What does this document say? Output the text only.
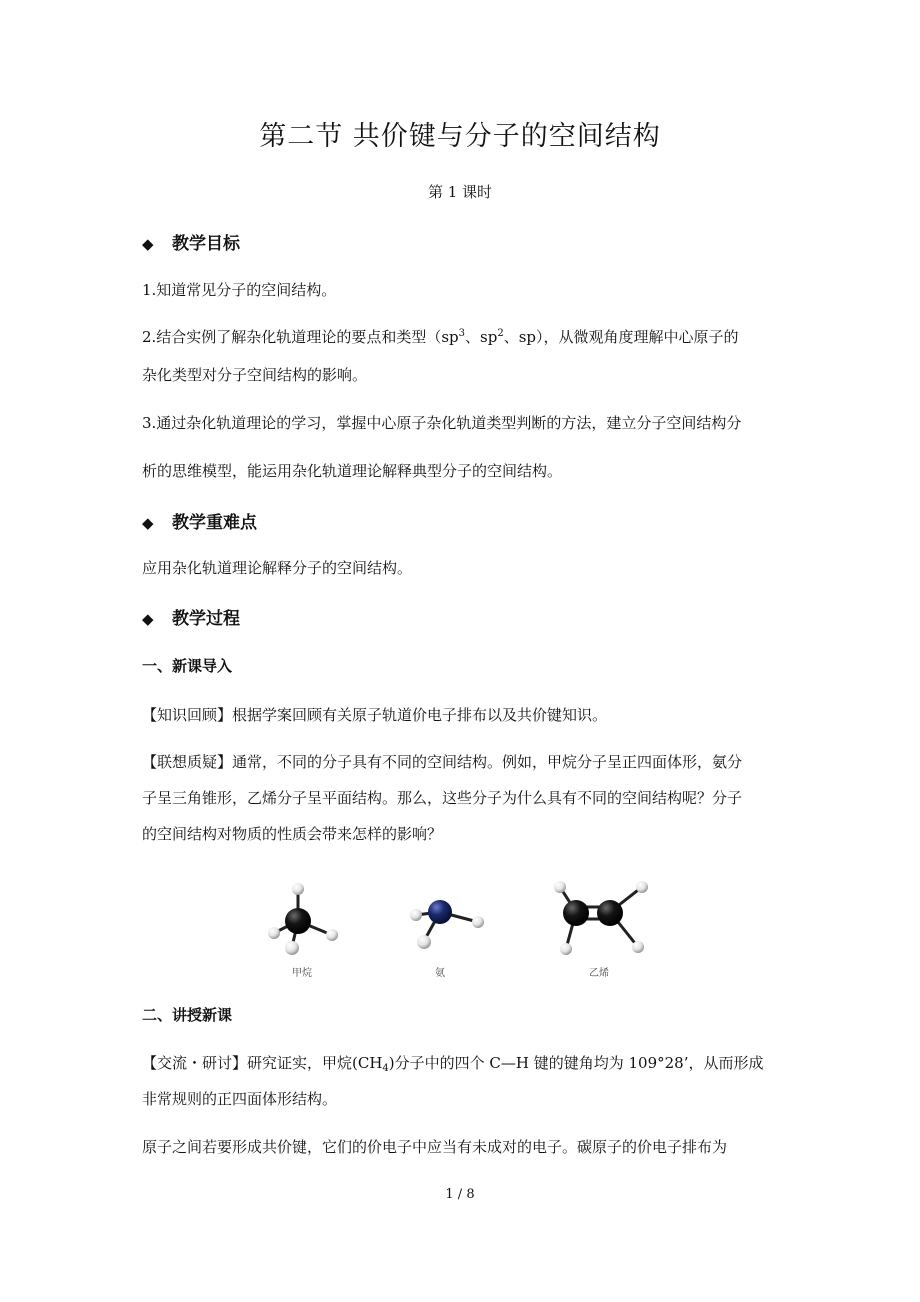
第二节 共价键与分子的空间结构
第 1 课时
◆ 教学目标
1.知道常见分子的空间结构。
2.结合实例了解杂化轨道理论的要点和类型（$sp^3$、$sp^2$、sp），从微观角度理解中心原子的
杂化类型对分子空间结构的影响。
3.通过杂化轨道理论的学习，掌握中心原子杂化轨道类型判断的方法，建立分子空间结构分
析的思维模型，能运用杂化轨道理论解释典型分子的空间结构。
◆ 教学重难点
应用杂化轨道理论解释分子的空间结构。
◆ 教学过程
一、新课导入
【知识回顾】根据学案回顾有关原子轨道价电子排布以及共价键知识。
【联想质疑】通常，不同的分子具有不同的空间结构。例如，甲烷分子呈正四面体形，氨分
子呈三角锥形，乙烯分子呈平面结构。那么，这些分子为什么具有不同的空间结构呢？分子
的空间结构对物质的性质会带来怎样的影响？
甲烷	氨	乙烯
二、讲授新课
【交流・研讨】研究证实，甲烷$(CH_4)$分子中的四个 C—H 键的键角均为 109°28’，从而形成
非常规则的正四面体形结构。
原子之间若要形成共价键，它们的价电子中应当有未成对的电子。碳原子的价电子排布为
1 / 8
